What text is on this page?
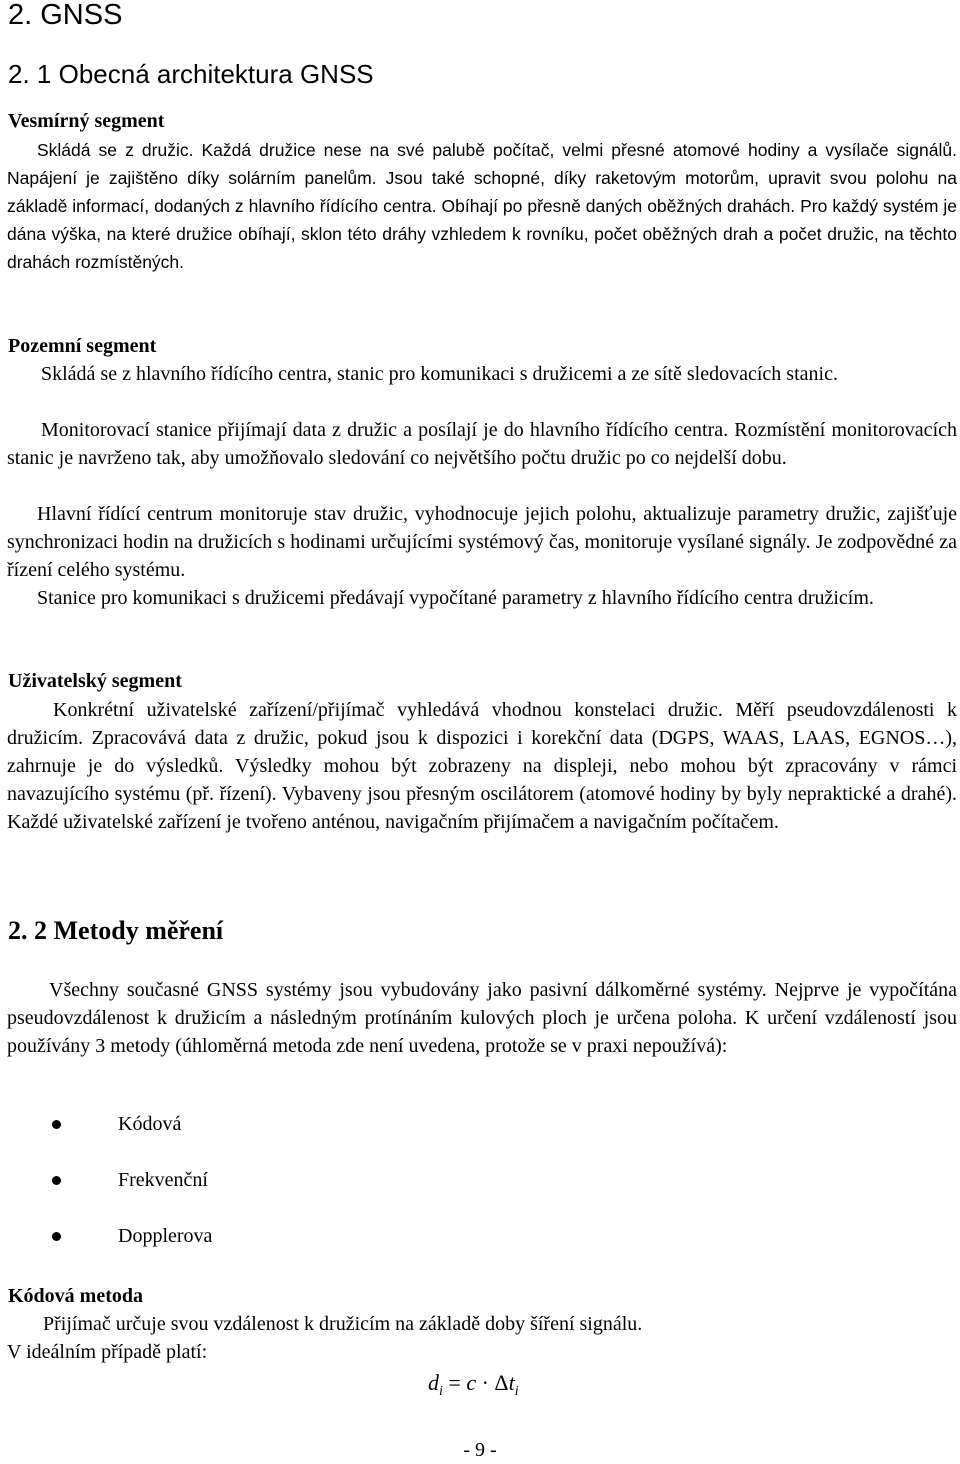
2. GNSS
2. 1 Obecná architektura GNSS
Vesmírný segment

Skládá se z družic. Každá družice nese na své palubě počítač, velmi přesné atomové hodiny a vysílače signálů. Napájení je zajištěno díky solárním panelům. Jsou také schopné, díky raketovým motorům, upravit svou polohu na základě informací, dodaných z hlavního řídícího centra. Obíhají po přesně daných oběžných drahách. Pro každý systém je dána výška, na které družice obíhají, sklon této dráhy vzhledem k rovníku, počet oběžných drah a počet družic, na těchto drahách rozmístěných.

Pozemní segment

Skládá se z hlavního řídícího centra, stanic pro komunikaci s družicemi a ze sítě sledovacích stanic.

Monitorovací stanice přijímají data z družic a posílají je do hlavního řídícího centra. Rozmístění monitorovacích stanic je navrženo tak, aby umožňovalo sledování co největšího počtu družic po co nejdelší dobu.

Hlavní řídící centrum monitoruje stav družic, vyhodnocuje jejich polohu, aktualizuje parametry družic, zajišťuje synchronizaci hodin na družicích s hodinami určujícími systémový čas, monitoruje vysílané signály. Je zodpovědné za řízení celého systému.

Stanice pro komunikaci s družicemi předávají vypočítané parametry z hlavního řídícího centra družicím.

Uživatelský segment

Konkrétní uživatelské zařízení/přijímač vyhledává vhodnou konstelaci družic. Měří pseudovzdálenosti k družicím. Zpracovává data z družic, pokud jsou k dispozici i korekční data (DGPS, WAAS, LAAS, EGNOS…), zahrnuje je do výsledků. Výsledky mohou být zobrazeny na displeji, nebo mohou být zpracovány v rámci navazujícího systému (př. řízení). Vybaveny jsou přesným oscilátorem (atomové hodiny by byly nepraktické a drahé). Každé uživatelské zařízení je tvořeno anténou, navigačním přijímačem a navigačním počítačem.

2. 2 Metody měření

Všechny současné GNSS systémy jsou vybudovány jako pasivní dálkoměrné systémy. Nejprve je vypočítána pseudovzdálenost k družicím a následným protínáním kulových ploch je určena poloha. K určení vzdáleností jsou používány 3 metody (úhloměrná metoda zde není uvedena, protože se v praxi nepoužívá):

Kódová
Frekvenční
Dopplerova
Kódová metoda

Přijímač určuje svou vzdálenost k družicím na základě doby šíření signálu.

V ideálním případě platí:

$d_i = c \cdot \Delta t_i$
- 9 -
